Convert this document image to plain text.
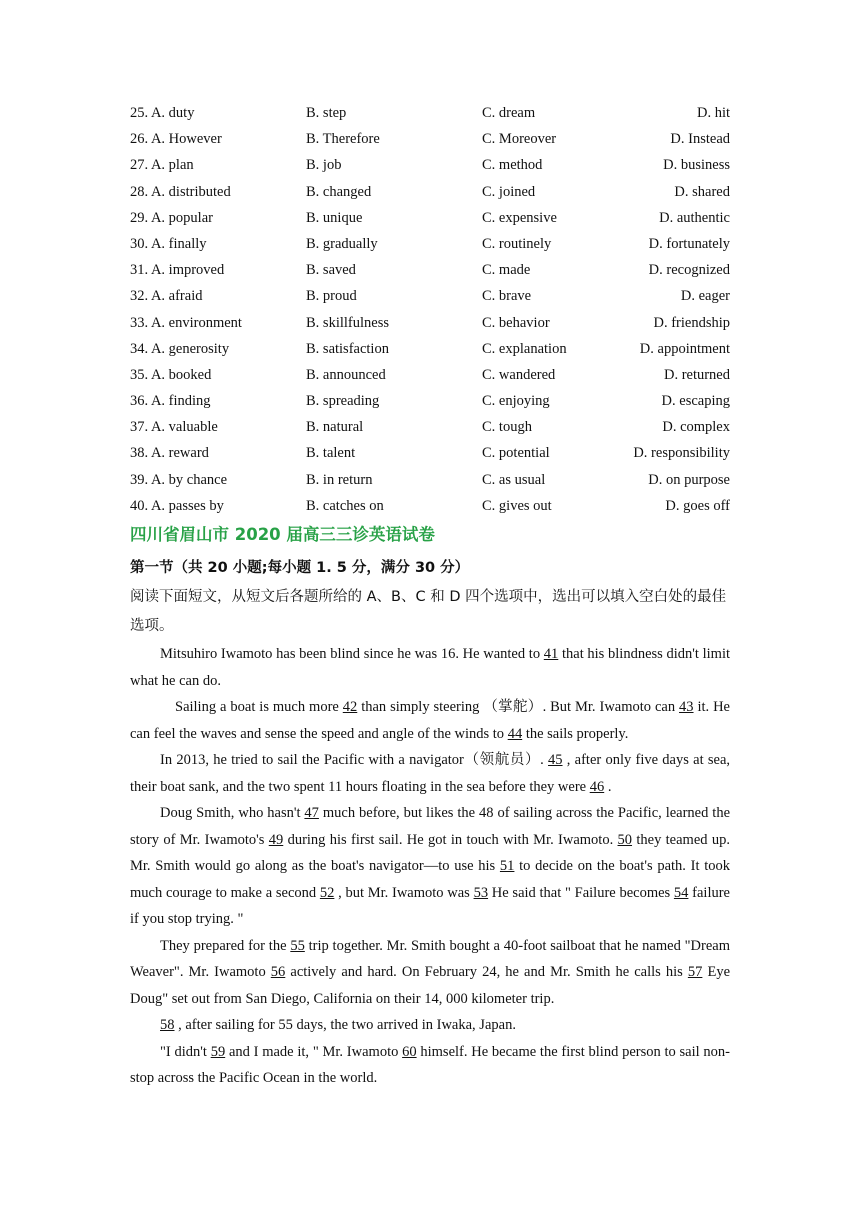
25. A. duty	B. step	C. dream	D. hit
26. A. However	B. Therefore	C. Moreover	D. Instead
27. A. plan	B. job	C. method	D. business
28. A. distributed	B. changed	C. joined	D. shared
29. A. popular	B. unique	C. expensive	D. authentic
30. A. finally	B. gradually	C. routinely	D. fortunately
31. A. improved	B. saved	C. made	D. recognized
32. A. afraid	B. proud	C. brave	D. eager
33. A. environment	B. skillfulness	C. behavior	D. friendship
34. A. generosity	B. satisfaction	C. explanation	D. appointment
35. A. booked	B. announced	C. wandered	D. returned
36. A. finding	B. spreading	C. enjoying	D. escaping
37. A. valuable	B. natural	C. tough	D. complex
38. A. reward	B. talent	C. potential	D. responsibility
39. A. by chance	B. in return	C. as usual	D. on purpose
40. A. passes by	B. catches on	C. gives out	D. goes off
四川省眉山市 2020 届高三三诊英语试卷
第一节（共 20 小题;每小题 1. 5 分，满分 30 分）
阅读下面短文，从短文后各题所给的 A、B、C 和 D 四个选项中，选出可以填入空白处的最佳选项。

Mitsuhiro Iwamoto has been blind since he was 16. He wanted to 41 that his blindness didn't limit what he can do.

Sailing a boat is much more 42 than simply steering （掌舵）. But Mr. Iwamoto can 43 it. He can feel the waves and sense the speed and angle of the winds to 44 the sails properly.

In 2013, he tried to sail the Pacific with a navigator（领航员）. 45 , after only five days at sea, their boat sank, and the two spent 11 hours floating in the sea before they were 46 .

Doug Smith, who hasn't 47 much before, but likes the 48 of sailing across the Pacific, learned the story of Mr. Iwamoto's 49 during his first sail. He got in touch with Mr. Iwamoto. 50 they teamed up. Mr. Smith would go along as the boat's navigator—to use his 51 to decide on the boat's path. It took much courage to make a second 52 , but Mr. Iwamoto was 53 He said that " Failure becomes 54 failure if you stop trying. "

They prepared for the 55 trip together. Mr. Smith bought a 40-foot sailboat that he named "Dream Weaver". Mr. Iwamoto 56 actively and hard. On February 24, he and Mr. Smith he calls his 57 Eye Doug" set out from San Diego, California on their 14, 000 kilometer trip.

58 , after sailing for 55 days, the two arrived in Iwaka, Japan.

"I didn't 59 and I made it, " Mr. Iwamoto 60 himself. He became the first blind person to sail non-stop across the Pacific Ocean in the world.
